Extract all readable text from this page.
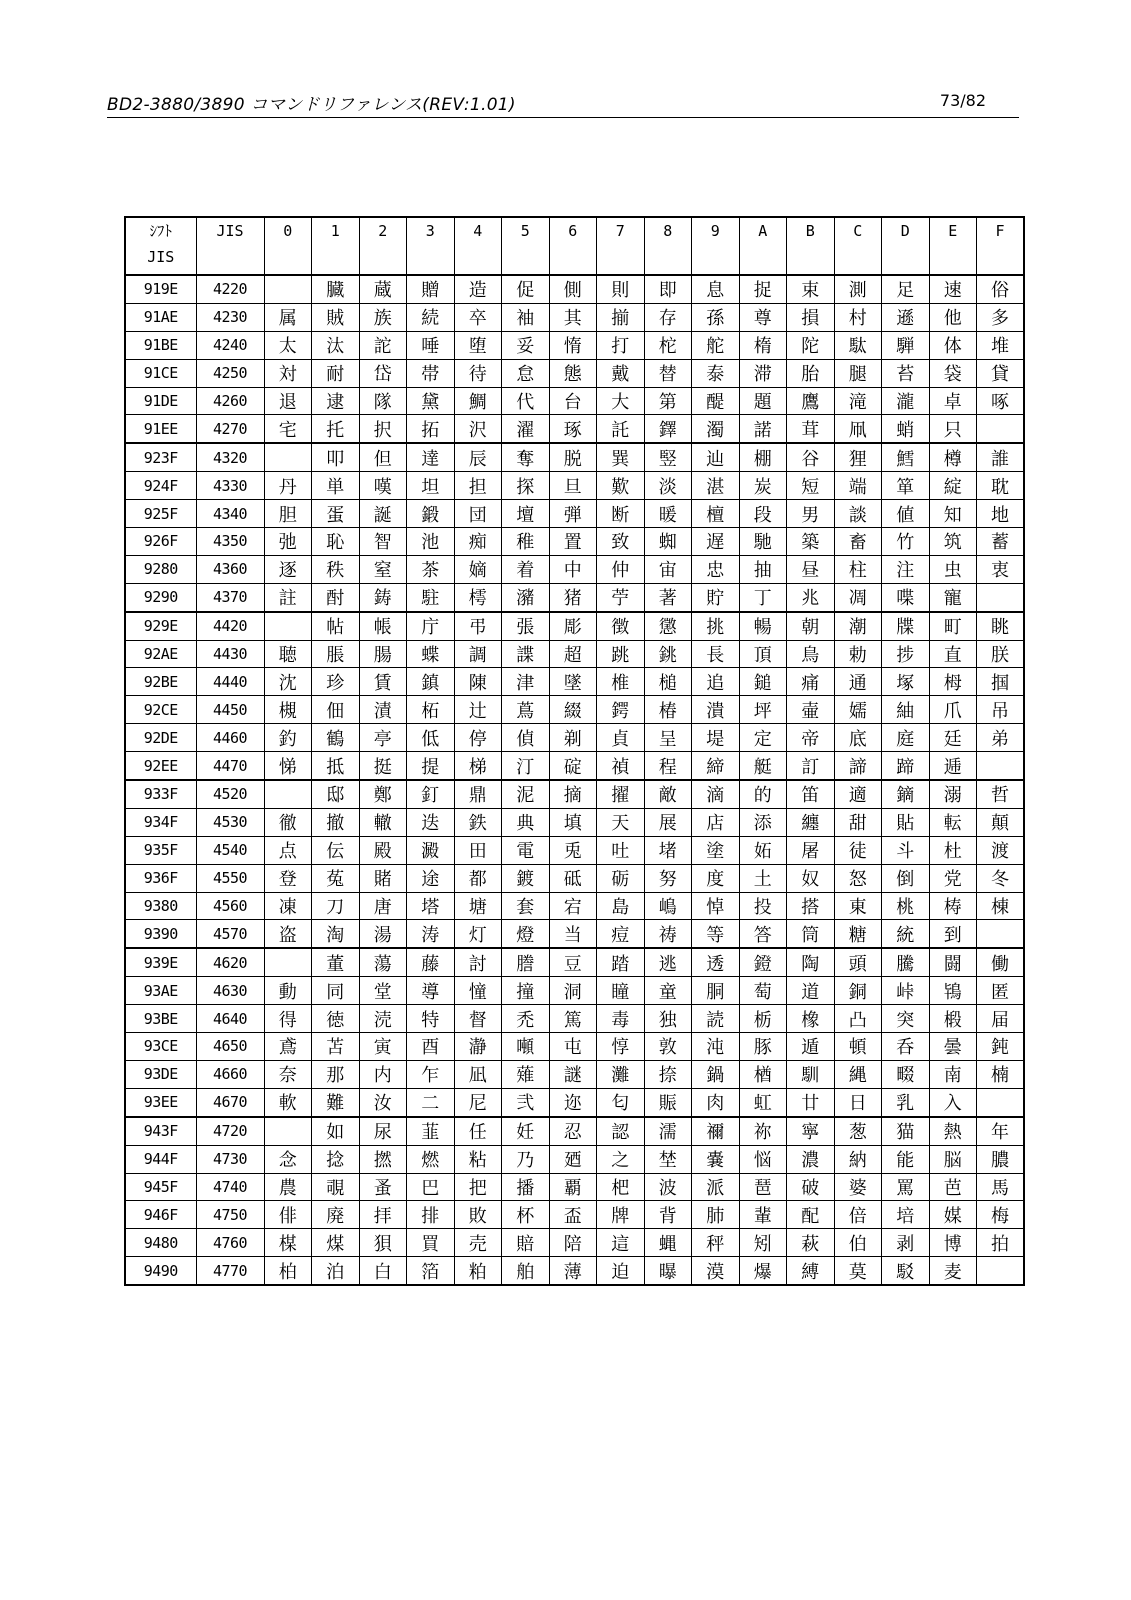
BD2-3880/3890 コマンドリファレンス(REV:1.01)	73/82
ｼﾌﾄ
JIS	JIS	0	1	2	3	4	5	6	7	8	9	A	B	C	D	E	F
919E	4220		臓	蔵	贈	造	促	側	則	即	息	捉	束	測	足	速	俗
91AE	4230	属	賊	族	続	卒	袖	其	揃	存	孫	尊	損	村	遜	他	多
91BE	4240	太	汰	詑	唾	堕	妥	惰	打	柁	舵	楕	陀	駄	騨	体	堆
91CE	4250	対	耐	岱	帯	待	怠	態	戴	替	泰	滞	胎	腿	苔	袋	貸
91DE	4260	退	逮	隊	黛	鯛	代	台	大	第	醍	題	鷹	滝	瀧	卓	啄
91EE	4270	宅	托	択	拓	沢	濯	琢	託	鐸	濁	諾	茸	凧	蛸	只	
923F	4320		叩	但	達	辰	奪	脱	巽	竪	辿	棚	谷	狸	鱈	樽	誰
924F	4330	丹	単	嘆	坦	担	探	旦	歎	淡	湛	炭	短	端	箪	綻	耽
925F	4340	胆	蛋	誕	鍛	団	壇	弾	断	暖	檀	段	男	談	値	知	地
926F	4350	弛	恥	智	池	痴	稚	置	致	蜘	遅	馳	築	畜	竹	筑	蓄
9280	4360	逐	秩	窒	茶	嫡	着	中	仲	宙	忠	抽	昼	柱	注	虫	衷
9290	4370	註	酎	鋳	駐	樗	瀦	猪	苧	著	貯	丁	兆	凋	喋	寵	
929E	4420		帖	帳	庁	弔	張	彫	徴	懲	挑	暢	朝	潮	牒	町	眺
92AE	4430	聴	脹	腸	蝶	調	諜	超	跳	銚	長	頂	鳥	勅	捗	直	朕
92BE	4440	沈	珍	賃	鎮	陳	津	墜	椎	槌	追	鎚	痛	通	塚	栂	掴
92CE	4450	槻	佃	漬	柘	辻	蔦	綴	鍔	椿	潰	坪	壷	嬬	紬	爪	吊
92DE	4460	釣	鶴	亭	低	停	偵	剃	貞	呈	堤	定	帝	底	庭	廷	弟
92EE	4470	悌	抵	挺	提	梯	汀	碇	禎	程	締	艇	訂	諦	蹄	逓	
933F	4520		邸	鄭	釘	鼎	泥	摘	擢	敵	滴	的	笛	適	鏑	溺	哲
934F	4530	徹	撤	轍	迭	鉄	典	填	天	展	店	添	纏	甜	貼	転	顛
935F	4540	点	伝	殿	澱	田	電	兎	吐	堵	塗	妬	屠	徒	斗	杜	渡
936F	4550	登	菟	賭	途	都	鍍	砥	砺	努	度	土	奴	怒	倒	党	冬
9380	4560	凍	刀	唐	塔	塘	套	宕	島	嶋	悼	投	搭	東	桃	梼	棟
9390	4570	盗	淘	湯	涛	灯	燈	当	痘	祷	等	答	筒	糖	統	到	
939E	4620		董	蕩	藤	討	謄	豆	踏	逃	透	鐙	陶	頭	騰	闘	働
93AE	4630	動	同	堂	導	憧	撞	洞	瞳	童	胴	萄	道	銅	峠	鴇	匿
93BE	4640	得	徳	涜	特	督	禿	篤	毒	独	読	栃	橡	凸	突	椴	届
93CE	4650	鳶	苫	寅	酉	瀞	噸	屯	惇	敦	沌	豚	遁	頓	呑	曇	鈍
93DE	4660	奈	那	内	乍	凪	薙	謎	灘	捺	鍋	楢	馴	縄	畷	南	楠
93EE	4670	軟	難	汝	二	尼	弐	迩	匂	賑	肉	虹	廿	日	乳	入	
943F	4720		如	尿	韮	任	妊	忍	認	濡	禰	祢	寧	葱	猫	熱	年
944F	4730	念	捻	撚	燃	粘	乃	廼	之	埜	嚢	悩	濃	納	能	脳	膿
945F	4740	農	覗	蚤	巴	把	播	覇	杷	波	派	琶	破	婆	罵	芭	馬
946F	4750	俳	廃	拝	排	敗	杯	盃	牌	背	肺	輩	配	倍	培	媒	梅
9480	4760	楳	煤	狽	買	売	賠	陪	這	蝿	秤	矧	萩	伯	剥	博	拍
9490	4770	柏	泊	白	箔	粕	舶	薄	迫	曝	漠	爆	縛	莫	駁	麦	
